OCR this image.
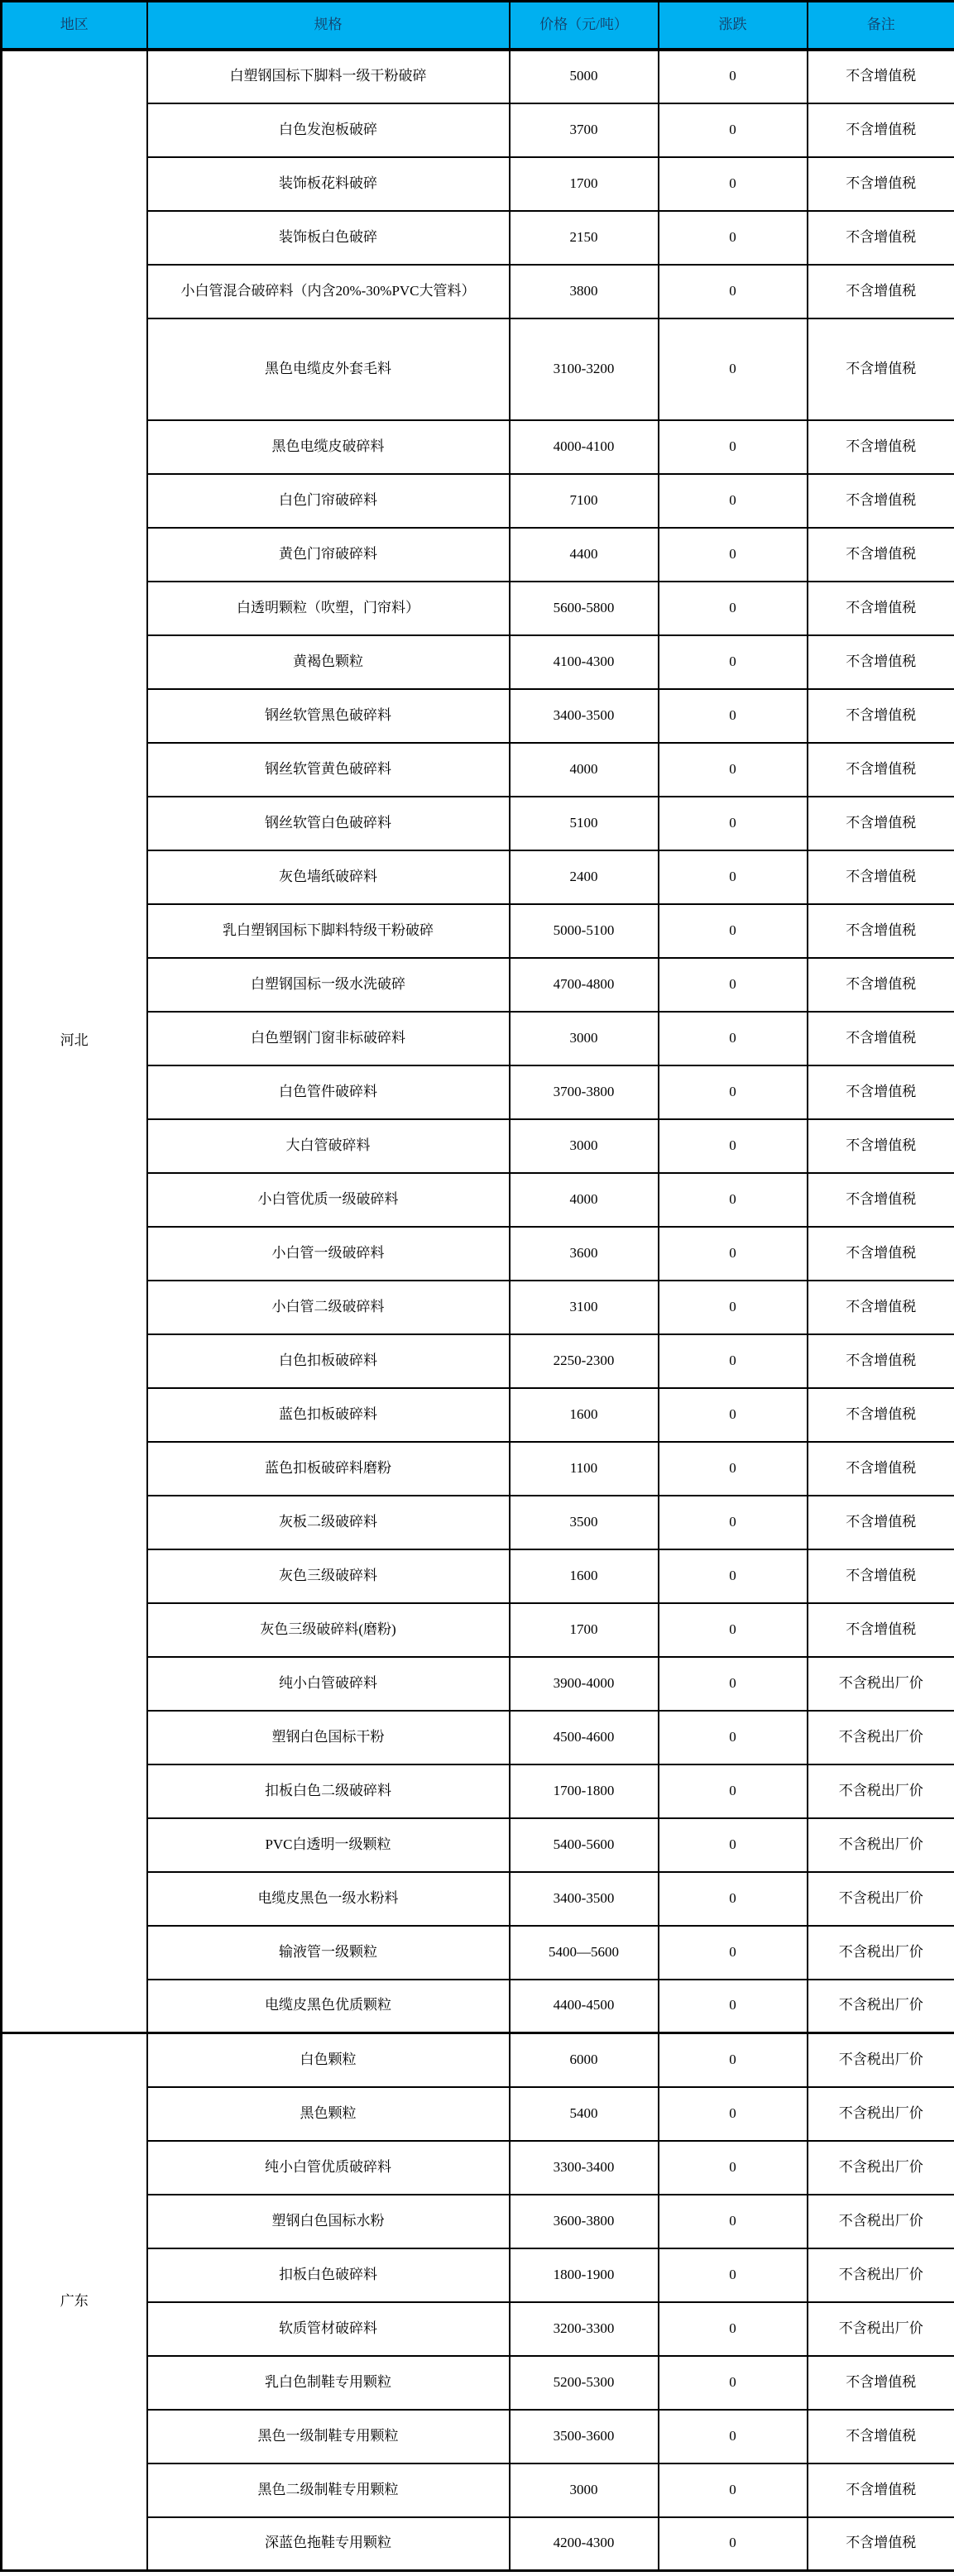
地区	规格	价格（元/吨）	涨跌	备注
河北	白塑钢国标下脚料一级干粉破碎	5000	0	不含增值税
	白色发泡板破碎	3700	0	不含增值税
	装饰板花料破碎	1700	0	不含增值税
	装饰板白色破碎	2150	0	不含增值税
	小白管混合破碎料（内含20%-30%PVC大管料）	3800	0	不含增值税
	黑色电缆皮外套毛料	3100-3200	0	不含增值税
	黑色电缆皮破碎料	4000-4100	0	不含增值税
	白色门帘破碎料	7100	0	不含增值税
	黄色门帘破碎料	4400	0	不含增值税
	白透明颗粒（吹塑，门帘料）	5600-5800	0	不含增值税
	黄褐色颗粒	4100-4300	0	不含增值税
	钢丝软管黑色破碎料	3400-3500	0	不含增值税
	钢丝软管黄色破碎料	4000	0	不含增值税
	钢丝软管白色破碎料	5100	0	不含增值税
	灰色墙纸破碎料	2400	0	不含增值税
	乳白塑钢国标下脚料特级干粉破碎	5000-5100	0	不含增值税
	白塑钢国标一级水洗破碎	4700-4800	0	不含增值税
	白色塑钢门窗非标破碎料	3000	0	不含增值税
	白色管件破碎料	3700-3800	0	不含增值税
	大白管破碎料	3000	0	不含增值税
	小白管优质一级破碎料	4000	0	不含增值税
	小白管一级破碎料	3600	0	不含增值税
	小白管二级破碎料	3100	0	不含增值税
	白色扣板破碎料	2250-2300	0	不含增值税
	蓝色扣板破碎料	1600	0	不含增值税
	蓝色扣板破碎料磨粉	1100	0	不含增值税
	灰板二级破碎料	3500	0	不含增值税
	灰色三级破碎料	1600	0	不含增值税
	灰色三级破碎料(磨粉)	1700	0	不含增值税
	纯小白管破碎料	3900-4000	0	不含税出厂价
	塑钢白色国标干粉	4500-4600	0	不含税出厂价
	扣板白色二级破碎料	1700-1800	0	不含税出厂价
	PVC白透明一级颗粒	5400-5600	0	不含税出厂价
	电缆皮黑色一级水粉料	3400-3500	0	不含税出厂价
	输液管一级颗粒	5400—5600	0	不含税出厂价
	电缆皮黑色优质颗粒	4400-4500	0	不含税出厂价
广东	白色颗粒	6000	0	不含税出厂价
	黑色颗粒	5400	0	不含税出厂价
	纯小白管优质破碎料	3300-3400	0	不含税出厂价
	塑钢白色国标水粉	3600-3800	0	不含税出厂价
	扣板白色破碎料	1800-1900	0	不含税出厂价
	软质管材破碎料	3200-3300	0	不含税出厂价
	乳白色制鞋专用颗粒	5200-5300	0	不含增值税
	黑色一级制鞋专用颗粒	3500-3600	0	不含增值税
	黑色二级制鞋专用颗粒	3000	0	不含增值税
	深蓝色拖鞋专用颗粒	4200-4300	0	不含增值税
